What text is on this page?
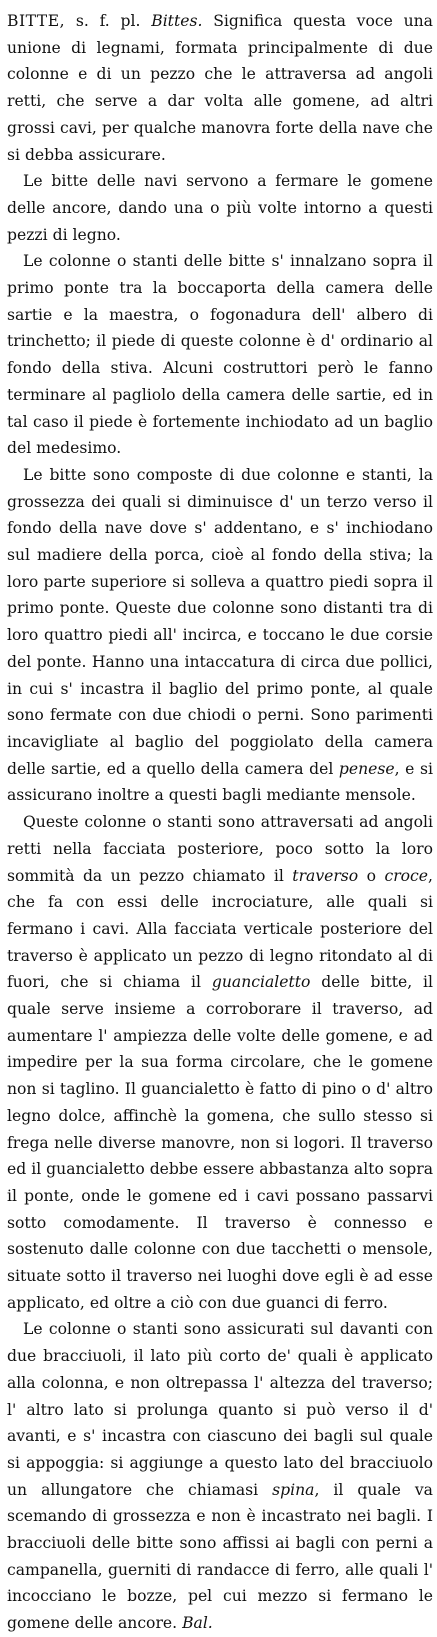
BITTE, s. f. pl. Bittes. Significa questa voce una unione di legnami, formata principalmente di due colonne e di un pezzo che le attraversa ad angoli retti, che serve a dar volta alle gomene, ad altri grossi cavi, per qualche manovra forte della nave che si debba assicurare.

Le bitte delle navi servono a fermare le gomene delle ancore, dando una o più volte intorno a questi pezzi di legno.

Le colonne o stanti delle bitte s' innalzano sopra il primo ponte tra la boccaporta della camera delle sartie e la maestra, o fogonadura dell' albero di trinchetto; il piede di queste colonne è d' ordinario al fondo della stiva. Alcuni costruttori però le fanno terminare al pagliolo della camera delle sartie, ed in tal caso il piede è fortemente inchiodato ad un baglio del medesimo.

Le bitte sono composte di due colonne e stanti, la grossezza dei quali si diminuisce d' un terzo verso il fondo della nave dove s' addentano, e s' inchiodano sul madiere della porca, cioè al fondo della stiva; la loro parte superiore si solleva a quattro piedi sopra il primo ponte. Queste due colonne sono distanti tra di loro quattro piedi all' incirca, e toccano le due corsie del ponte. Hanno una intaccatura di circa due pollici, in cui s' incastra il baglio del primo ponte, al quale sono fermate con due chiodi o perni. Sono parimenti incavigliate al baglio del poggiolato della camera delle sartie, ed a quello della camera del penese, e si assicurano inoltre a questi bagli mediante mensole.

Queste colonne o stanti sono attraversati ad angoli retti nella facciata posteriore, poco sotto la loro sommità da un pezzo chiamato il traverso o croce, che fa con essi delle incrociature, alle quali si fermano i cavi. Alla facciata verticale posteriore del traverso è applicato un pezzo di legno ritondato al di fuori, che si chiama il guancialetto delle bitte, il quale serve insieme a corroborare il traverso, ad aumentare l' ampiezza delle volte delle gomene, e ad impedire per la sua forma circolare, che le gomene non si taglino. Il guancialetto è fatto di pino o d' altro legno dolce, affinchè la gomena, che sullo stesso si frega nelle diverse manovre, non si logori. Il traverso ed il guancialetto debbe essere abbastanza alto sopra il ponte, onde le gomene ed i cavi possano passarvi sotto comodamente. Il traverso è connesso e sostenuto dalle colonne con due tacchetti o mensole, situate sotto il traverso nei luoghi dove egli è ad esse applicato, ed oltre a ciò con due guanci di ferro.

Le colonne o stanti sono assicurati sul davanti con due bracciuoli, il lato più corto de' quali è applicato alla colonna, e non oltrepassa l' altezza del traverso; l' altro lato si prolunga quanto si può verso il d' avanti, e s' incastra con ciascuno dei bagli sul quale si appoggia: si aggiunge a questo lato del bracciuolo un allungatore che chiamasi spina, il quale va scemando di grossezza e non è incastrato nei bagli. I bracciuoli delle bitte sono affissi ai bagli con perni a campanella, guerniti di randacce di ferro, alle quali l' incocciano le bozze, pel cui mezzo si fermano le gomene delle ancore. Bal.
